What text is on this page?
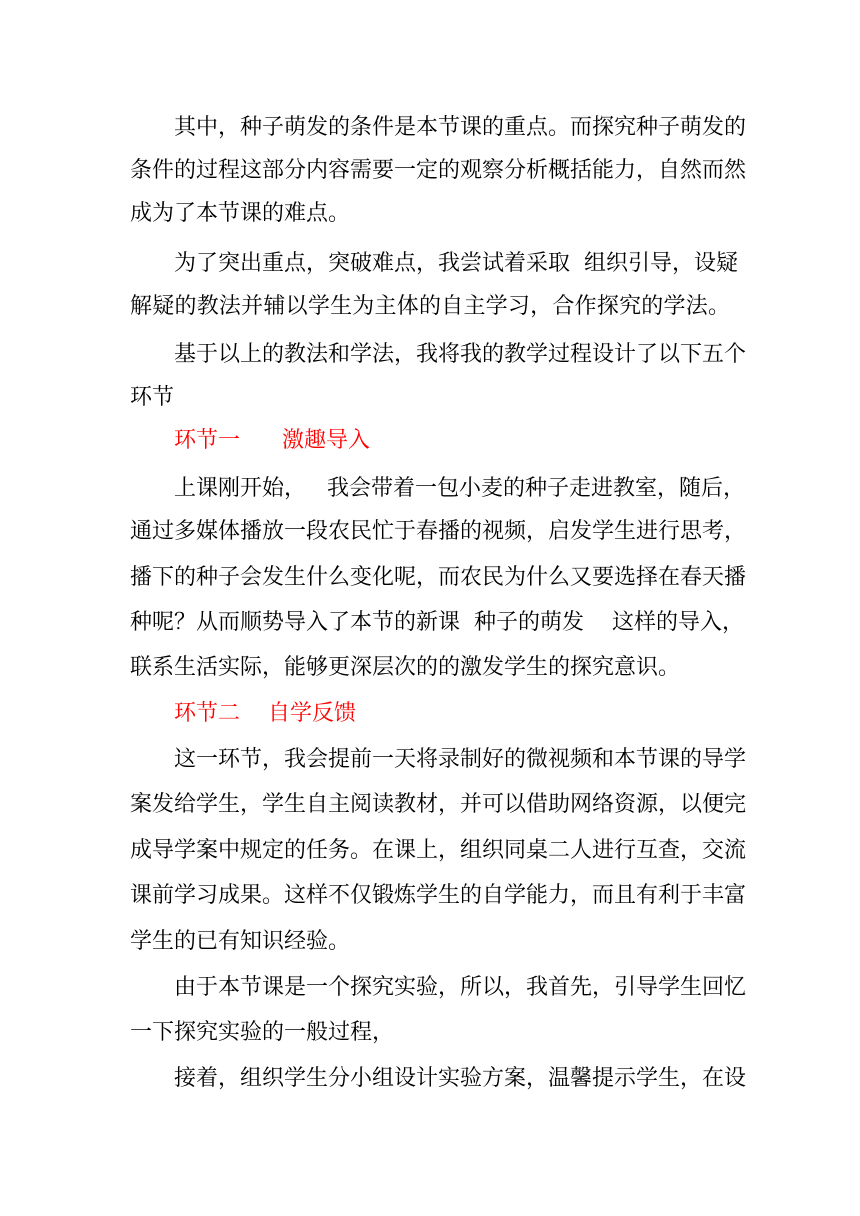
其中，种子萌发的条件是本节课的重点。而探究种子萌发的
条件的过程这部分内容需要一定的观察分析概括能力，自然而然
成为了本节课的难点。
为了突出重点，突破难点，我尝试着采取  组织引导，设疑
解疑的教法并辅以学生为主体的自主学习，合作探究的学法。
基于以上的教法和学法，我将我的教学过程设计了以下五个
环节
环节一      激趣导入
上课刚开始，   我会带着一包小麦的种子走进教室，随后，
通过多媒体播放一段农民忙于春播的视频，启发学生进行思考，
播下的种子会发生什么变化呢，而农民为什么又要选择在春天播
种呢？从而顺势导入了本节的新课  种子的萌发    这样的导入，
联系生活实际，能够更深层次的的激发学生的探究意识。
环节二    自学反馈
这一环节，我会提前一天将录制好的微视频和本节课的导学
案发给学生，学生自主阅读教材，并可以借助网络资源，以便完
成导学案中规定的任务。在课上，组织同桌二人进行互查，交流
课前学习成果。这样不仅锻炼学生的自学能力，而且有利于丰富
学生的已有知识经验。
由于本节课是一个探究实验，所以，我首先，引导学生回忆
一下探究实验的一般过程，
接着，组织学生分小组设计实验方案，温馨提示学生，在设
